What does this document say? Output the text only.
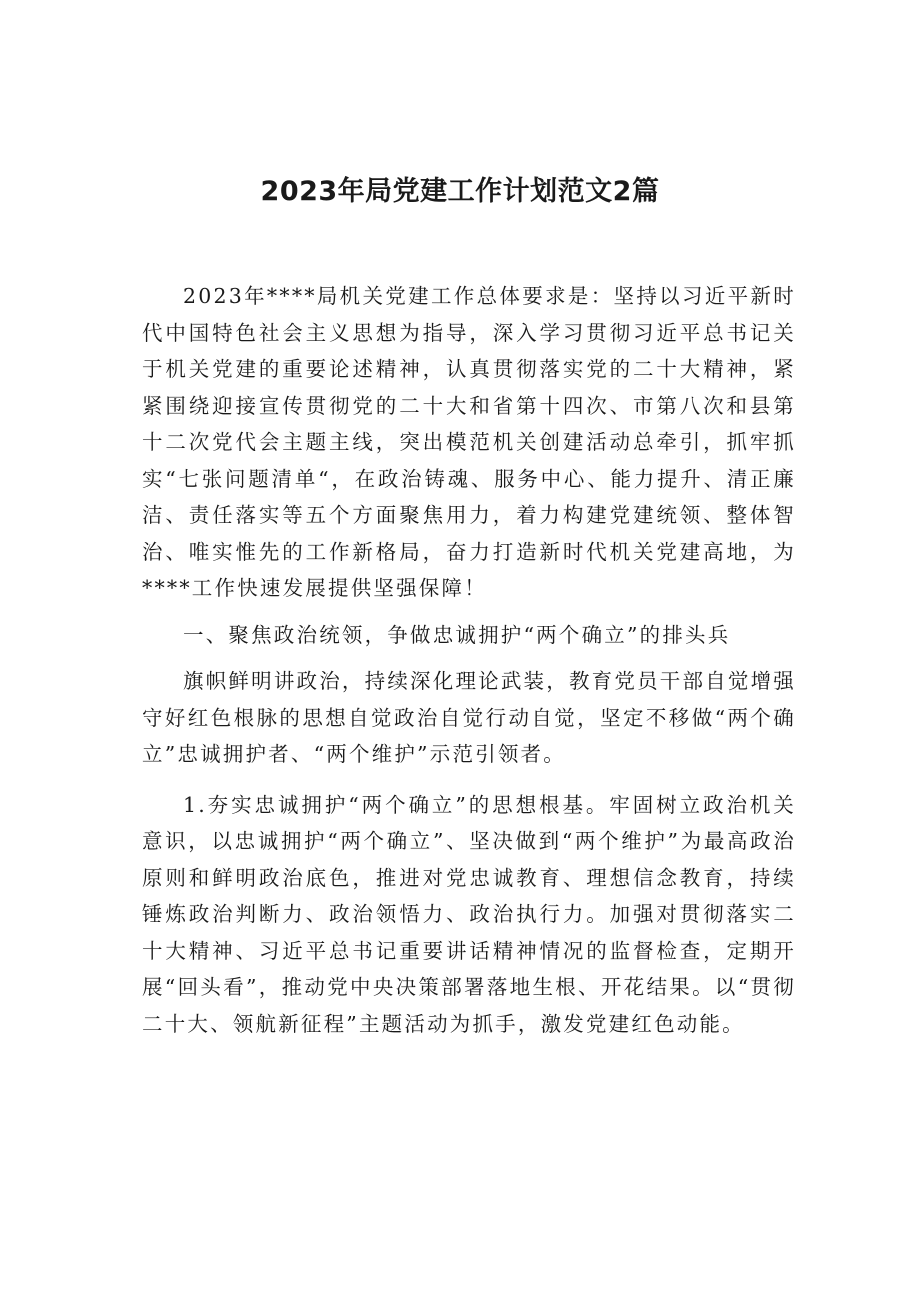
2023年局党建工作计划范文2篇

2023年****局机关党建工作总体要求是：坚持以习近平新时代中国特色社会主义思想为指导，深入学习贯彻习近平总书记关于机关党建的重要论述精神，认真贯彻落实党的二十大精神，紧紧围绕迎接宣传贯彻党的二十大和省第十四次、市第八次和县第十二次党代会主题主线，突出模范机关创建活动总牵引，抓牢抓实“七张问题清单“，在政治铸魂、服务中心、能力提升、清正廉洁、责任落实等五个方面聚焦用力，着力构建党建统领、整体智治、唯实惟先的工作新格局，奋力打造新时代机关党建高地，为****工作快速发展提供坚强保障！

一、聚焦政治统领，争做忠诚拥护“两个确立”的排头兵

旗帜鲜明讲政治，持续深化理论武装，教育党员干部自觉增强守好红色根脉的思想自觉政治自觉行动自觉，坚定不移做“两个确立”忠诚拥护者、“两个维护”示范引领者。

1.夯实忠诚拥护“两个确立”的思想根基。牢固树立政治机关意识，以忠诚拥护“两个确立”、坚决做到“两个维护”为最高政治原则和鲜明政治底色，推进对党忠诚教育、理想信念教育，持续锤炼政治判断力、政治领悟力、政治执行力。加强对贯彻落实二十大精神、习近平总书记重要讲话精神情况的监督检查，定期开展“回头看”，推动党中央决策部署落地生根、开花结果。以“贯彻二十大、领航新征程”主题活动为抓手，激发党建红色动能。
